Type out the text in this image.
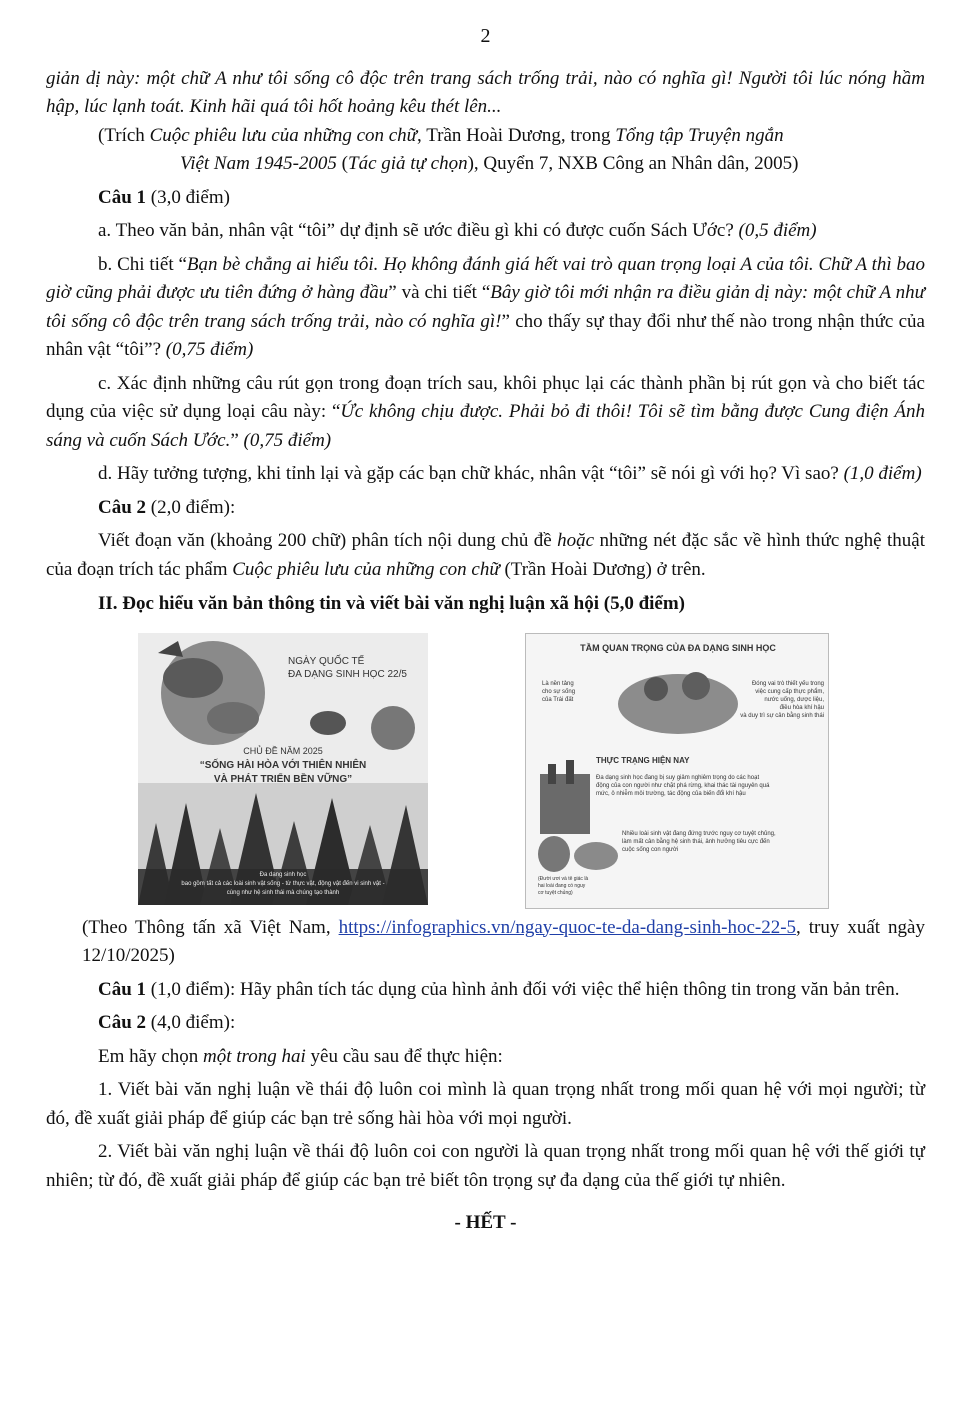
2

giản dị này: một chữ A như tôi sống cô độc trên trang sách trống trải, nào có nghĩa gì! Người tôi lúc nóng hầm hập, lúc lạnh toát. Kinh hãi quá tôi hốt hoảng kêu thét lên...

(Trích Cuộc phiêu lưu của những con chữ, Trần Hoài Dương, trong Tổng tập Truyện ngắn
Việt Nam 1945-2005 (Tác giả tự chọn), Quyển 7, NXB Công an Nhân dân, 2005)

Câu 1 (3,0 điểm)

a. Theo văn bản, nhân vật “tôi” dự định sẽ ước điều gì khi có được cuốn Sách Ước? (0,5 điểm)

b. Chi tiết “Bạn bè chẳng ai hiểu tôi. Họ không đánh giá hết vai trò quan trọng loại A của tôi. Chữ A thì bao giờ cũng phải được ưu tiên đứng ở hàng đầu” và chi tiết “Bây giờ tôi mới nhận ra điều giản dị này: một chữ A như tôi sống cô độc trên trang sách trống trải, nào có nghĩa gì!” cho thấy sự thay đổi như thế nào trong nhận thức của nhân vật “tôi”? (0,75 điểm)

c. Xác định những câu rút gọn trong đoạn trích sau, khôi phục lại các thành phần bị rút gọn và cho biết tác dụng của việc sử dụng loại câu này: “Ức không chịu được. Phải bỏ đi thôi! Tôi sẽ tìm bằng được Cung điện Ánh sáng và cuốn Sách Ước.” (0,75 điểm)

d. Hãy tưởng tượng, khi tỉnh lại và gặp các bạn chữ khác, nhân vật “tôi” sẽ nói gì với họ? Vì sao? (1,0 điểm)

Câu 2 (2,0 điểm):

Viết đoạn văn (khoảng 200 chữ) phân tích nội dung chủ đề hoặc những nét đặc sắc về hình thức nghệ thuật của đoạn trích tác phẩm Cuộc phiêu lưu của những con chữ (Trần Hoài Dương) ở trên.

II. Đọc hiểu văn bản thông tin và viết bài văn nghị luận xã hội (5,0 điểm)

NGÀY QUỐC TẾ
ĐA DẠNG SINH HỌC 22/5
CHỦ ĐỀ NĂM 2025
“SỐNG HÀI HÒA VỚI THIÊN NHIÊN
VÀ PHÁT TRIỂN BỀN VỮNG”
Đa dạng sinh học
bao gồm tất cả các loài sinh vật sống - từ thực vật, động vật đến vi sinh vật -
cùng như hệ sinh thái mà chúng tạo thành
TẦM QUAN TRỌNG CỦA ĐA DẠNG SINH HỌC
Là nền tảng
cho sự sống
của Trái đất
Đóng vai trò thiết yếu trong
việc cung cấp thực phẩm,
nước uống, dược liệu,
điều hòa khí hậu
và duy trì sự cân bằng sinh thái
THỰC TRẠNG HIỆN NAY
Đa dạng sinh học đang bị suy giảm nghiêm trọng do các hoạt
động của con người như chặt phá rừng, khai thác tài nguyên quá
mức, ô nhiễm môi trường, tác động của biến đổi khí hậu
Nhiều loài sinh vật đang đứng trước nguy cơ tuyệt chủng,
làm mất cân bằng hệ sinh thái, ảnh hưởng tiêu cực đến
cuộc sống con người
(Đười ươi và tê giác là
hai loài đang có nguy
cơ tuyệt chủng)

(Theo Thông tấn xã Việt Nam, https://infographics.vn/ngay-quoc-te-da-dang-sinh-hoc-22-5, truy xuất ngày 12/10/2025)

Câu 1 (1,0 điểm): Hãy phân tích tác dụng của hình ảnh đối với việc thể hiện thông tin trong văn bản trên.

Câu 2 (4,0 điểm):

Em hãy chọn một trong hai yêu cầu sau để thực hiện:

1. Viết bài văn nghị luận về thái độ luôn coi mình là quan trọng nhất trong mối quan hệ với mọi người; từ đó, đề xuất giải pháp để giúp các bạn trẻ sống hài hòa với mọi người.

2. Viết bài văn nghị luận về thái độ luôn coi con người là quan trọng nhất trong mối quan hệ với thế giới tự nhiên; từ đó, đề xuất giải pháp để giúp các bạn trẻ biết tôn trọng sự đa dạng của thế giới tự nhiên.

- HẾT -
